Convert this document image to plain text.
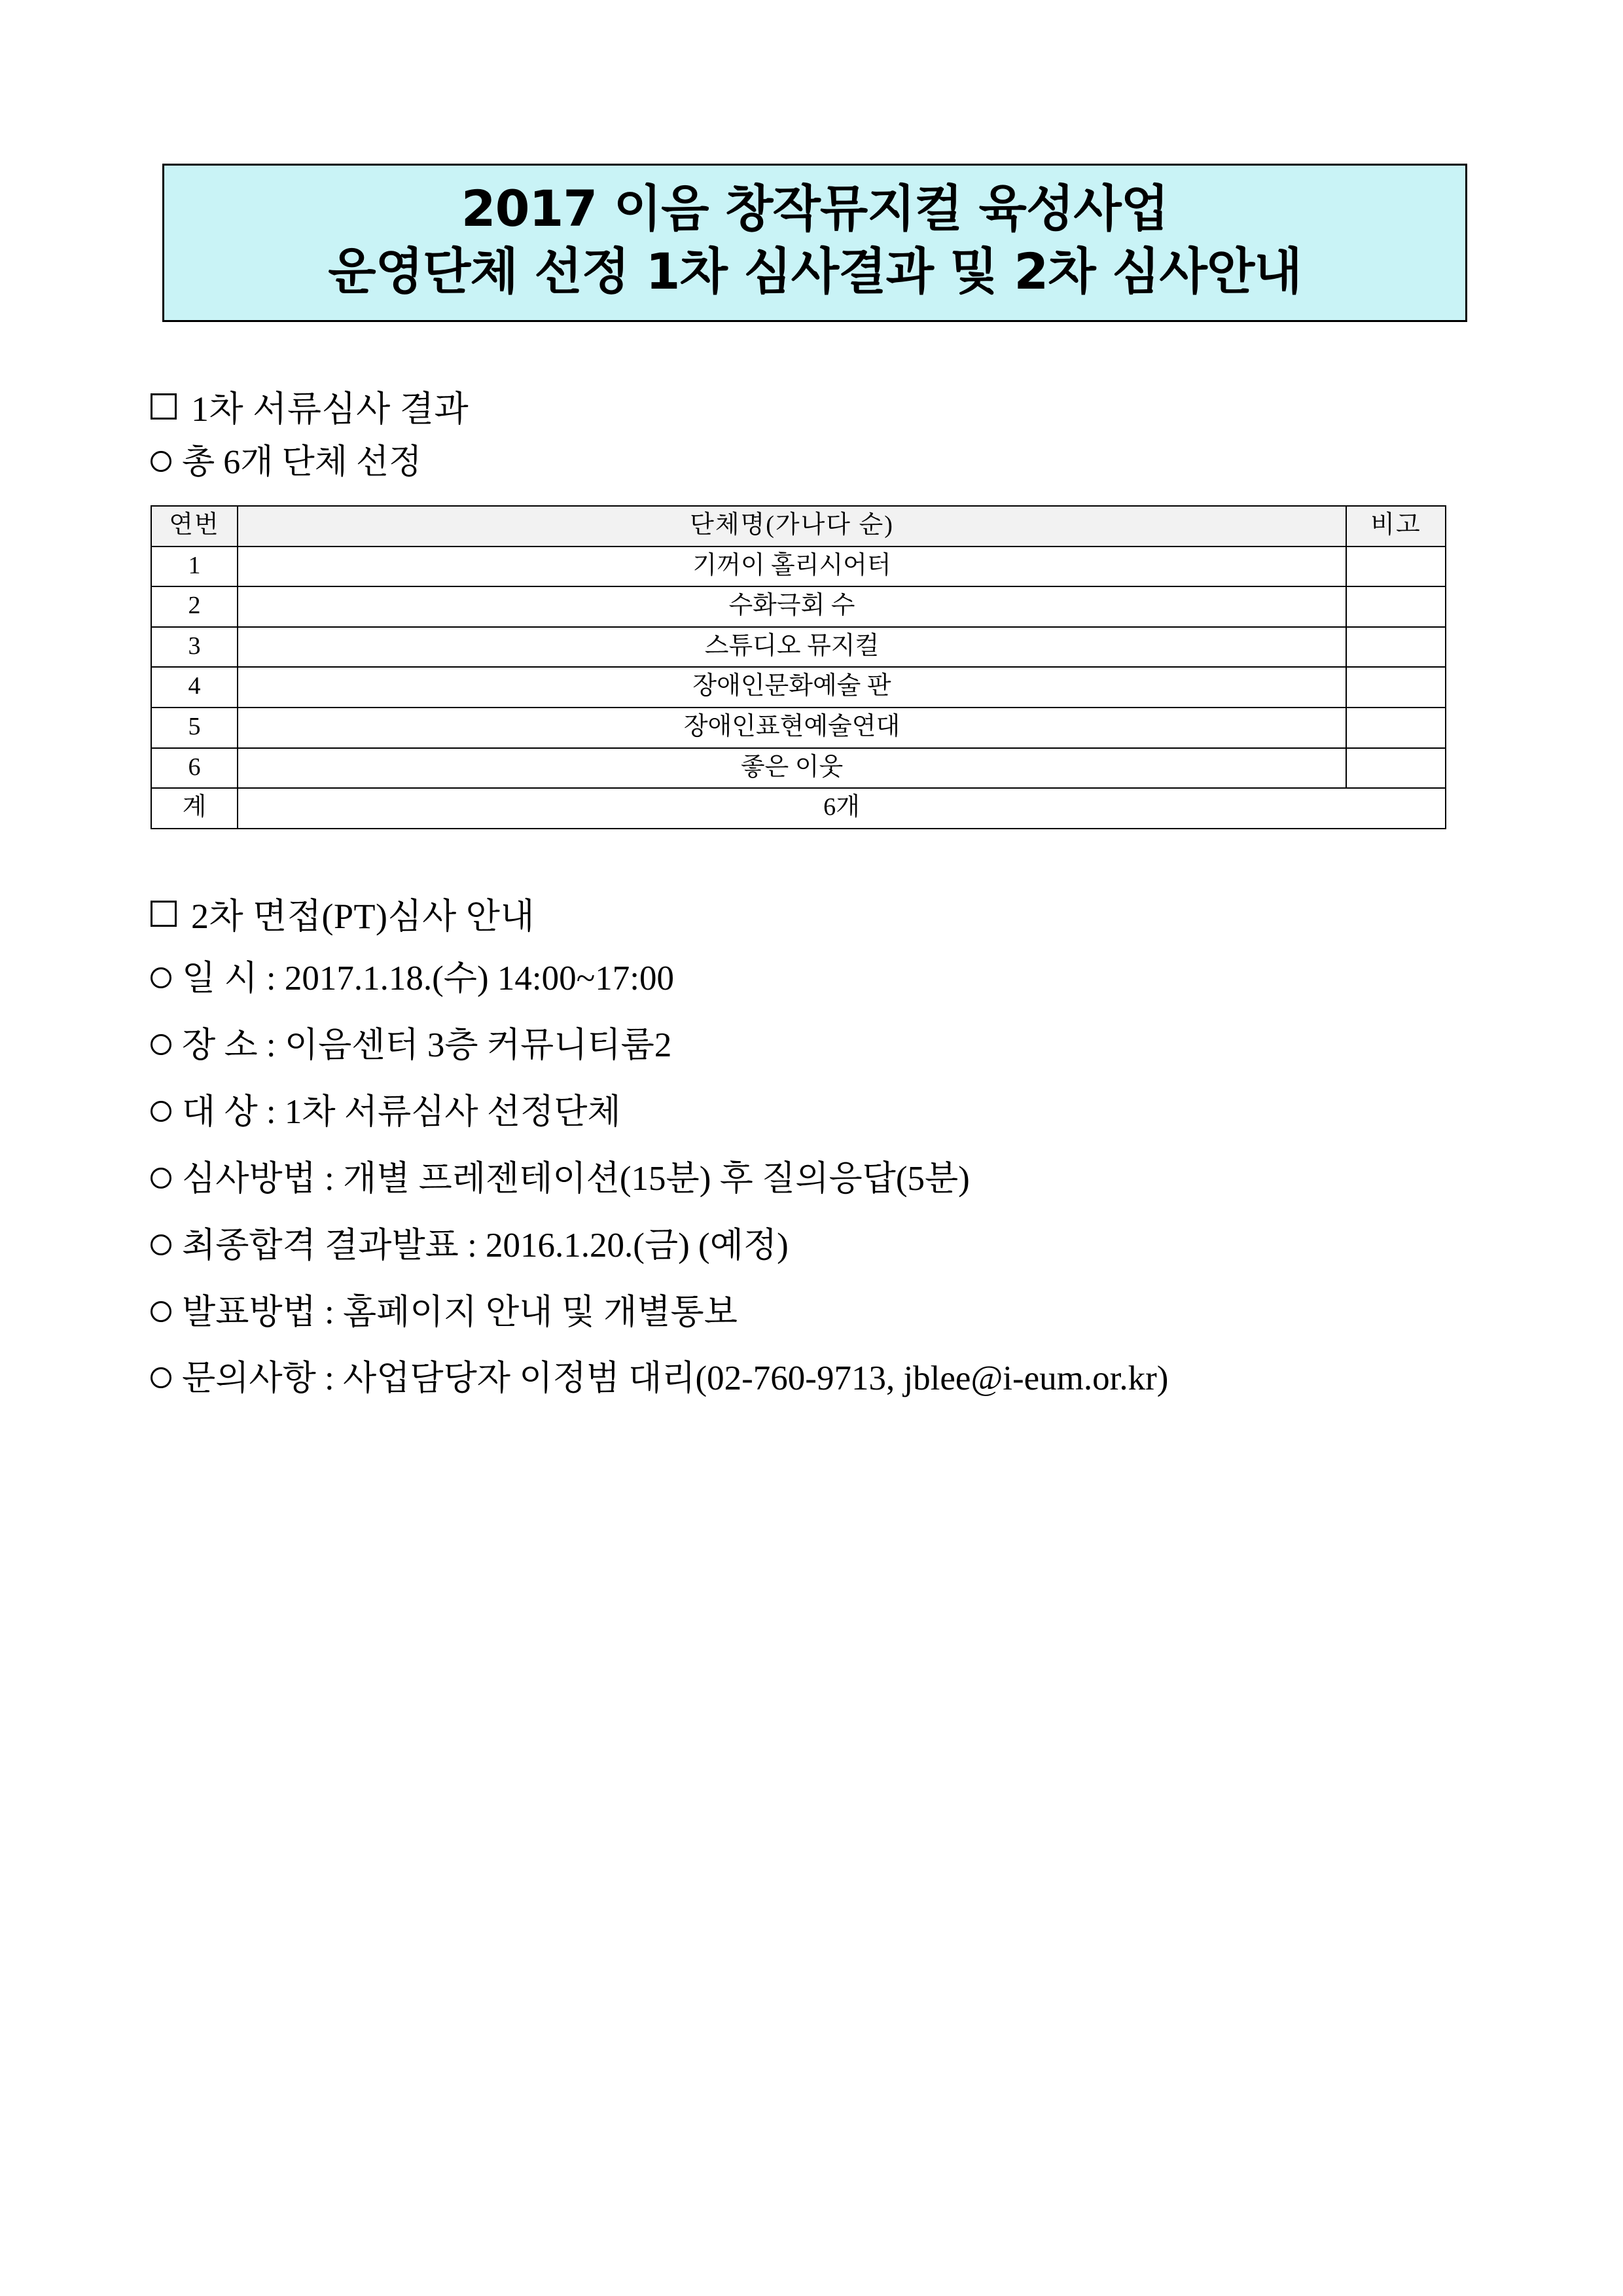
2017 이음 창작뮤지컬 육성사업
운영단체 선정 1차 심사결과 및 2차 심사안내
1차 서류심사 결과
총 6개 단체 선정
연번	단체명(가나다 순)	비고
1	기꺼이 홀리시어터	
2	수화극회 수	
3	스튜디오 뮤지컬	
4	장애인문화예술 판	
5	장애인표현예술연대	
6	좋은 이웃	
계	6개	
2차 면접(PT)심사 안내
일 시 : 2017.1.18.(수) 14:00~17:00
장 소 : 이음센터 3층 커뮤니티룸2
대 상 : 1차 서류심사 선정단체
심사방법 : 개별 프레젠테이션(15분) 후 질의응답(5분)
최종합격 결과발표 : 2016.1.20.(금) (예정)
발표방법 : 홈페이지 안내 및 개별통보
문의사항 : 사업담당자 이정범 대리(02-760-9713, jblee@i-eum.or.kr)
